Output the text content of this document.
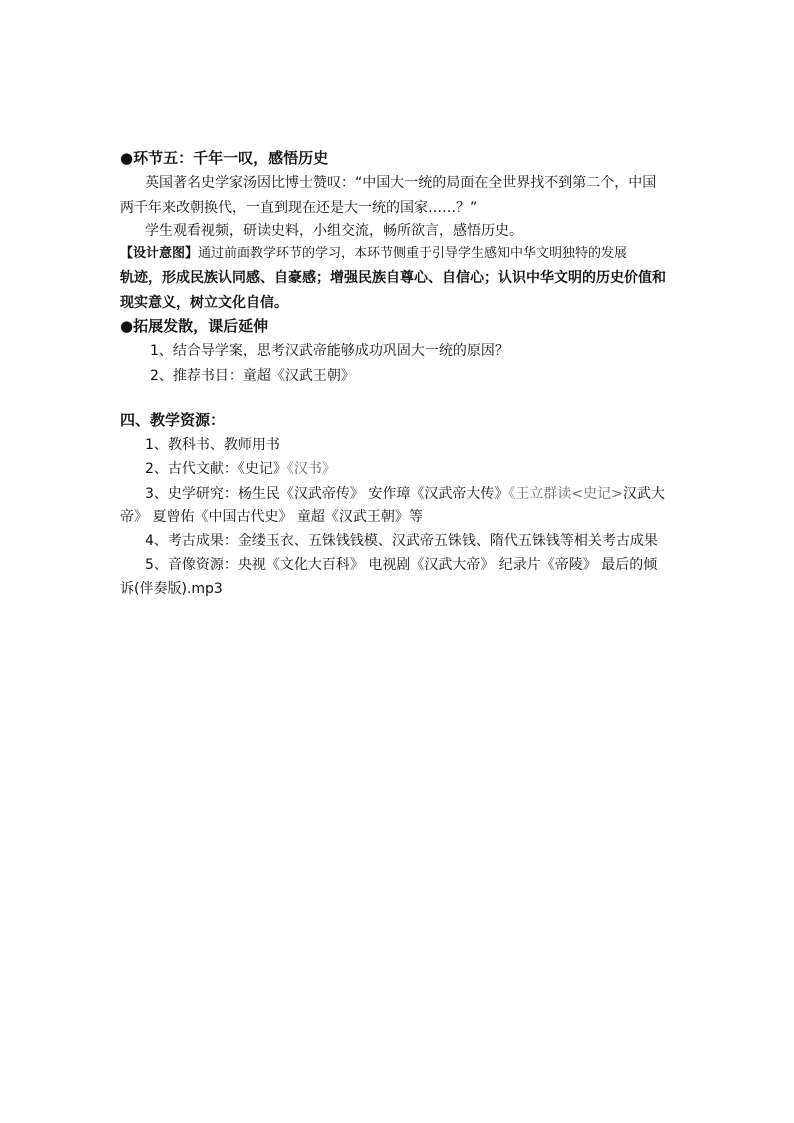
●环节五：千年一叹，感悟历史
英国著名史学家汤因比博士赞叹：“中国大一统的局面在全世界找不到第二个，中国
两千年来改朝换代，一直到现在还是大一统的国家……？”
学生观看视频，研读史料，小组交流，畅所欲言，感悟历史。
【设计意图】通过前面教学环节的学习，本环节侧重于引导学生感知中华文明独特的发展
轨迹，形成民族认同感、自豪感；增强民族自尊心、自信心；认识中华文明的历史价值和
现实意义，树立文化自信。
●拓展发散，课后延伸
1、结合导学案，思考汉武帝能够成功巩固大一统的原因？
2、推荐书目：童超《汉武王朝》
四、教学资源：
1、教科书、教师用书
2、古代文献：《史记》《汉书》
3、史学研究：杨生民《汉武帝传》 安作璋《汉武帝大传》《王立群读<史记>汉武大
帝》 夏曾佑《中国古代史》 童超《汉武王朝》等
4、考古成果：金缕玉衣、五铢钱钱模、汉武帝五铢钱、隋代五铢钱等相关考古成果
5、音像资源：央视《文化大百科》 电视剧《汉武大帝》 纪录片《帝陵》 最后的倾
诉(伴奏版).mp3
